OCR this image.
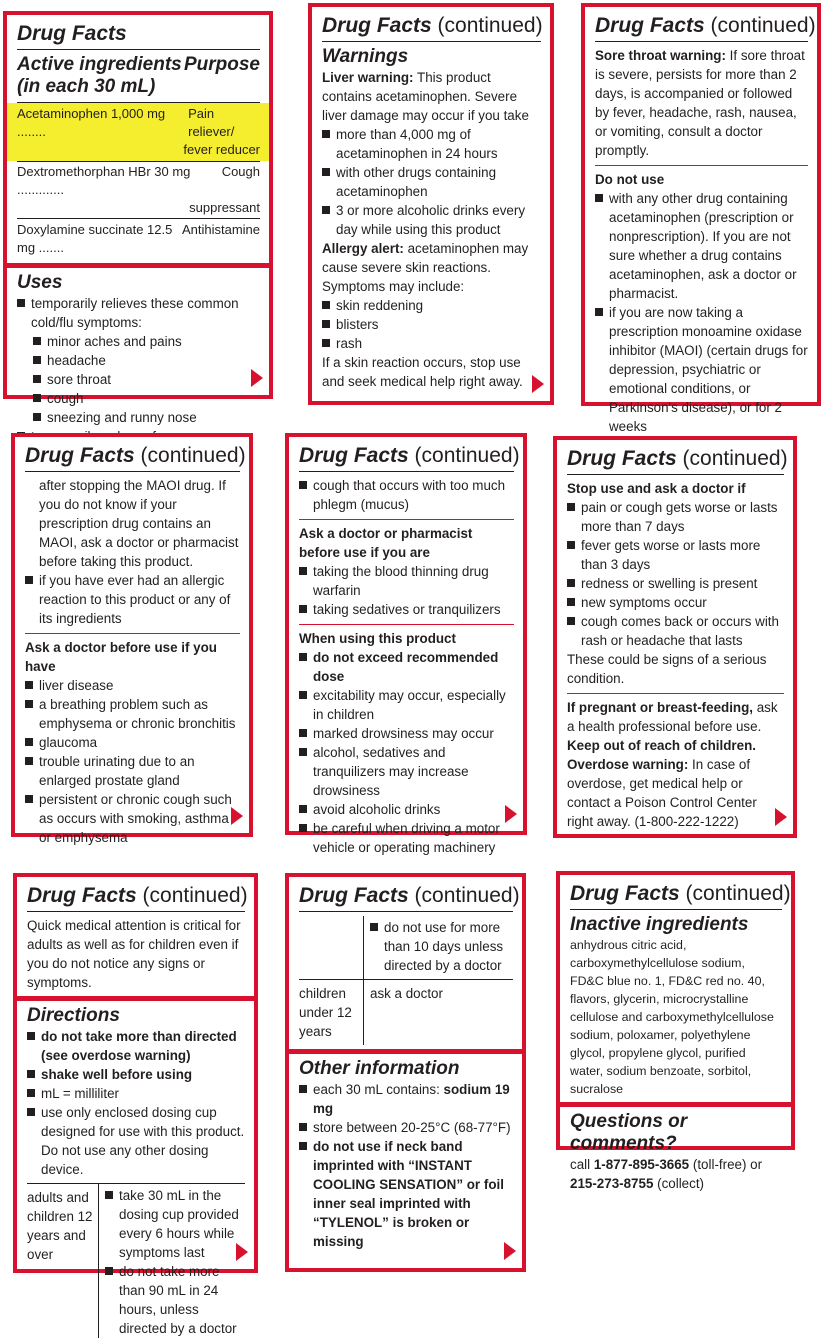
Drug Facts
Active ingredients Purpose
(in each 30 mL)
Acetaminophen 1,000 mg ........
Pain reliever/
fever reducer
Dextromethorphan HBr 30 mg .............
Cough
suppressant
Doxylamine succinate 12.5 mg .......
Antihistamine
Uses
temporarily relieves these common cold/flu symptoms:
minor aches and pains
headache
sore throat
cough
sneezing and runny nose
Drug Facts (continued)
Warnings
Liver warning: This product contains acetaminophen. Severe liver damage may occur if you take
more than 4,000 mg of acetaminophen in 24 hours
with other drugs containing acetaminophen
3 or more alcoholic drinks every day while using this product
Allergy alert: acetaminophen may cause severe skin reactions. Symptoms may include:
skin reddening
blisters
rash
If a skin reaction occurs, stop use and seek medical help right away.
Drug Facts (continued)
Sore throat warning: If sore throat is severe, persists for more than 2 days, is accompanied or followed by fever, headache, rash, nausea, or vomiting, consult a doctor promptly.
Do not use
with any other drug containing acetaminophen (prescription or nonprescription). If you are not sure whether a drug contains acetaminophen, ask a doctor or pharmacist.
if you are now taking a prescription monoamine oxidase inhibitor (MAOI) (certain drugs for depression, psychiatric or emotional conditions, or Parkinson's disease), or for 2 weeks
Drug Facts (continued)
after stopping the MAOI drug. If you do not know if your prescription drug contains an MAOI, ask a doctor or pharmacist before taking this product.
if you have ever had an allergic reaction to this product or any of its ingredients
Ask a doctor before use if you have
liver disease
a breathing problem such as emphysema or chronic bronchitis
glaucoma
trouble urinating due to an enlarged prostate gland
persistent or chronic cough such as occurs with smoking, asthma or emphysema
Drug Facts (continued)
cough that occurs with too much phlegm (mucus)
Ask a doctor or pharmacist before use if you are
taking the blood thinning drug warfarin
taking sedatives or tranquilizers
When using this product
do not exceed recommended dose
excitability may occur, especially in children
marked drowsiness may occur
alcohol, sedatives and tranquilizers may increase drowsiness
avoid alcoholic drinks
be careful when driving a motor vehicle or operating machinery
Drug Facts (continued)
Stop use and ask a doctor if
pain or cough gets worse or lasts more than 7 days
fever gets worse or lasts more than 3 days
redness or swelling is present
new symptoms occur
cough comes back or occurs with rash or headache that lasts
These could be signs of a serious condition.
If pregnant or breast-feeding, ask a health professional before use.
Keep out of reach of children.
Overdose warning: In case of overdose, get medical help or contact a Poison Control Center right away. (1-800-222-1222)
Drug Facts (continued)
Quick medical attention is critical for adults as well as for children even if you do not notice any signs or symptoms.
Directions
do not take more than directed (see overdose warning)
shake well before using
mL = milliliter
use only enclosed dosing cup designed for use with this product. Do not use any other dosing device.
adults and children 12 years and over
take 30 mL in the dosing cup provided every 6 hours while symptoms last
do not take more than 90 mL in 24 hours, unless directed by a doctor
Drug Facts (continued)
do not use for more than 10 days unless directed by a doctor
children under 12 years
ask a doctor
Other information
each 30 mL contains: sodium 19 mg
store between 20-25°C (68-77°F)
do not use if neck band imprinted with “INSTANT COOLING SENSATION” or foil inner seal imprinted with “TYLENOL” is broken or missing
Drug Facts (continued)
Inactive ingredients
anhydrous citric acid, carboxymethylcellulose sodium, FD&C blue no. 1, FD&C red no. 40, flavors, glycerin, microcrystalline cellulose and carboxymethylcellulose sodium, poloxamer, polyethylene glycol, propylene glycol, purified water, sodium benzoate, sorbitol, sucralose
Questions or comments?
call 1-877-895-3665 (toll-free) or 215-273-8755 (collect)
